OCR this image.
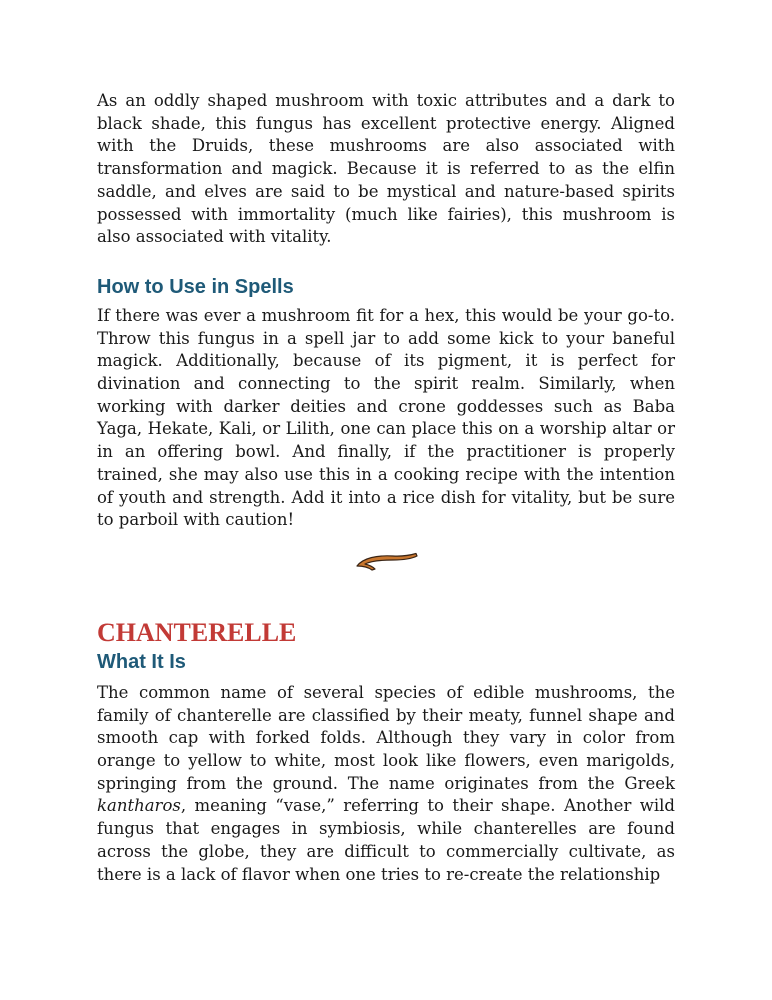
As an oddly shaped mushroom with toxic attributes and a dark to black shade, this fungus has excellent protective energy. Aligned with the Druids, these mushrooms are also associated with transformation and magick. Because it is referred to as the elfin saddle, and elves are said to be mystical and nature-based spirits possessed with immortality (much like fairies), this mushroom is also associated with vitality.

How to Use in Spells

If there was ever a mushroom fit for a hex, this would be your go-to. Throw this fungus in a spell jar to add some kick to your baneful magick. Additionally, because of its pigment, it is perfect for divination and connecting to the spirit realm. Similarly, when working with darker deities and crone goddesses such as Baba Yaga, Hekate, Kali, or Lilith, one can place this on a worship altar or in an offering bowl. And finally, if the practitioner is properly trained, she may also use this in a cooking recipe with the intention of youth and strength. Add it into a rice dish for vitality, but be sure to parboil with caution!

CHANTERELLE
What It Is

The common name of several species of edible mushrooms, the family of chanterelle are classified by their meaty, funnel shape and smooth cap with forked folds. Although they vary in color from orange to yellow to white, most look like flowers, even marigolds, springing from the ground. The name originates from the Greek kantharos, meaning “vase,” referring to their shape. Another wild fungus that engages in symbiosis, while chanterelles are found across the globe, they are difficult to commercially cultivate, as there is a lack of flavor when one tries to re-create the relationship
